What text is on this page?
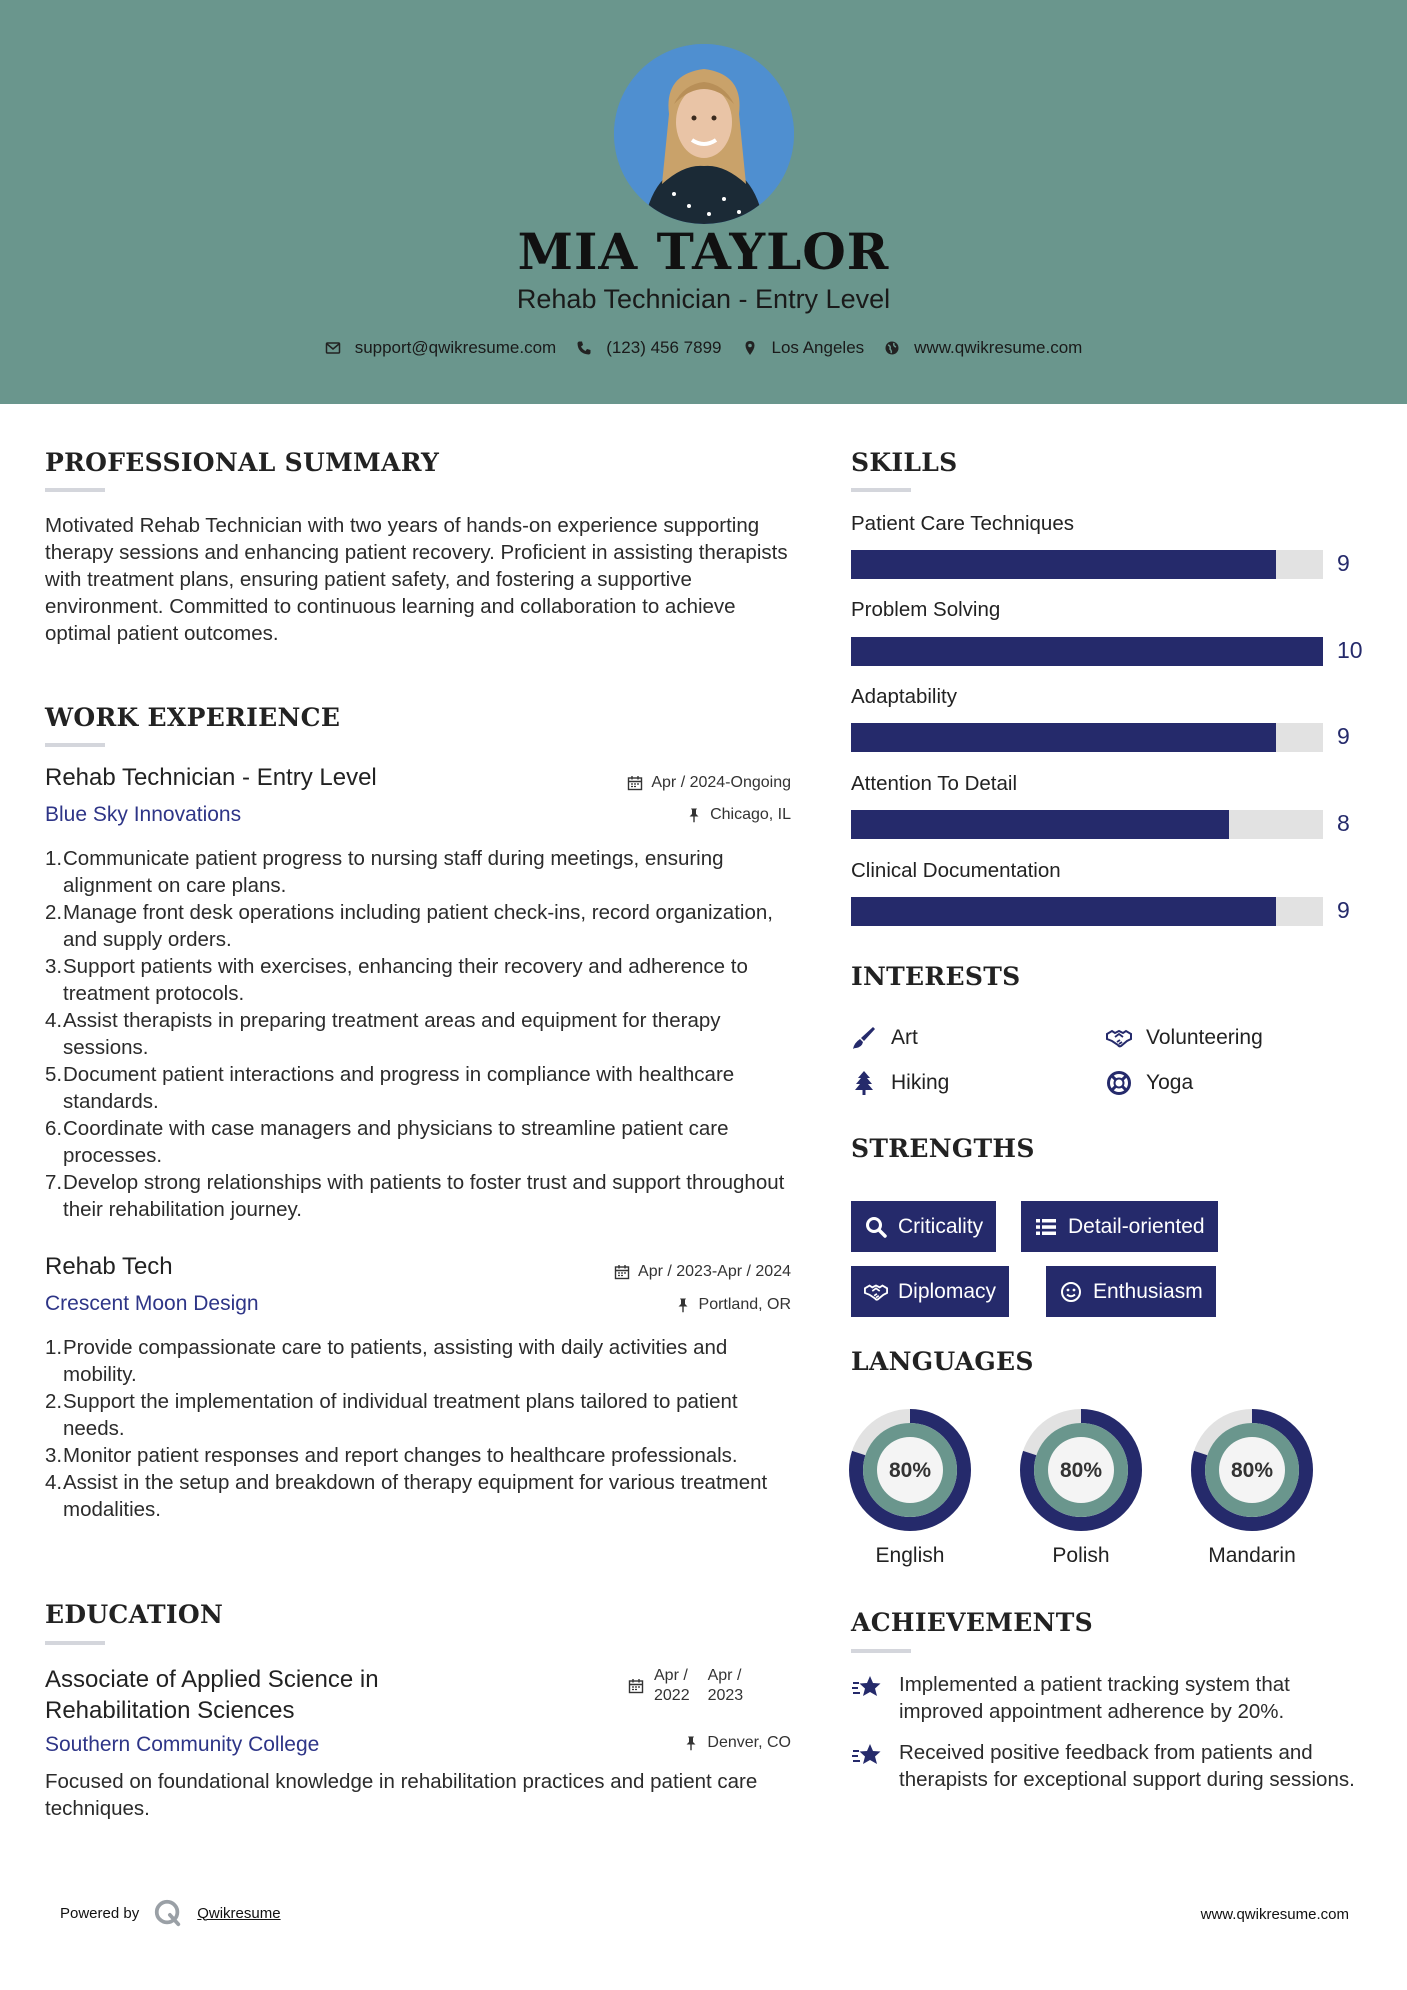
MIA TAYLOR
Rehab Technician - Entry Level
support@qwikresume.com	(123) 456 7899	Los Angeles	www.qwikresume.com
PROFESSIONAL SUMMARY
Motivated Rehab Technician with two years of hands-on experience supporting therapy sessions and enhancing patient recovery. Proficient in assisting therapists with treatment plans, ensuring patient safety, and fostering a supportive environment. Committed to continuous learning and collaboration to achieve optimal patient outcomes.
WORK EXPERIENCE
Rehab Technician - Entry Level	Apr / 2024-Ongoing
Blue Sky Innovations	Chicago, IL
1. Communicate patient progress to nursing staff during meetings, ensuring alignment on care plans.
2. Manage front desk operations including patient check-ins, record organization, and supply orders.
3. Support patients with exercises, enhancing their recovery and adherence to treatment protocols.
4. Assist therapists in preparing treatment areas and equipment for therapy sessions.
5. Document patient interactions and progress in compliance with healthcare standards.
6. Coordinate with case managers and physicians to streamline patient care processes.
7. Develop strong relationships with patients to foster trust and support throughout their rehabilitation journey.
Rehab Tech	Apr / 2023-Apr / 2024
Crescent Moon Design	Portland, OR
1. Provide compassionate care to patients, assisting with daily activities and mobility.
2. Support the implementation of individual treatment plans tailored to patient needs.
3. Monitor patient responses and report changes to healthcare professionals.
4. Assist in the setup and breakdown of therapy equipment for various treatment modalities.
EDUCATION
Associate of Applied Science in
Rehabilitation Sciences
Apr /
2022
Apr /
2023
Southern Community College	Denver, CO
Focused on foundational knowledge in rehabilitation practices and patient care techniques.
SKILLS
Patient Care Techniques
9
Problem Solving
10
Adaptability
9
Attention To Detail
8
Clinical Documentation
9
INTERESTS
Art	Volunteering
Hiking	Yoga
STRENGTHS
Criticality	Detail-oriented
Diplomacy	Enthusiasm
LANGUAGES
80%
English
80%
Polish
80%
Mandarin
ACHIEVEMENTS
Implemented a patient tracking system that improved appointment adherence by 20%.
Received positive feedback from patients and therapists for exceptional support during sessions.
Powered by	Qwikresume	www.qwikresume.com
